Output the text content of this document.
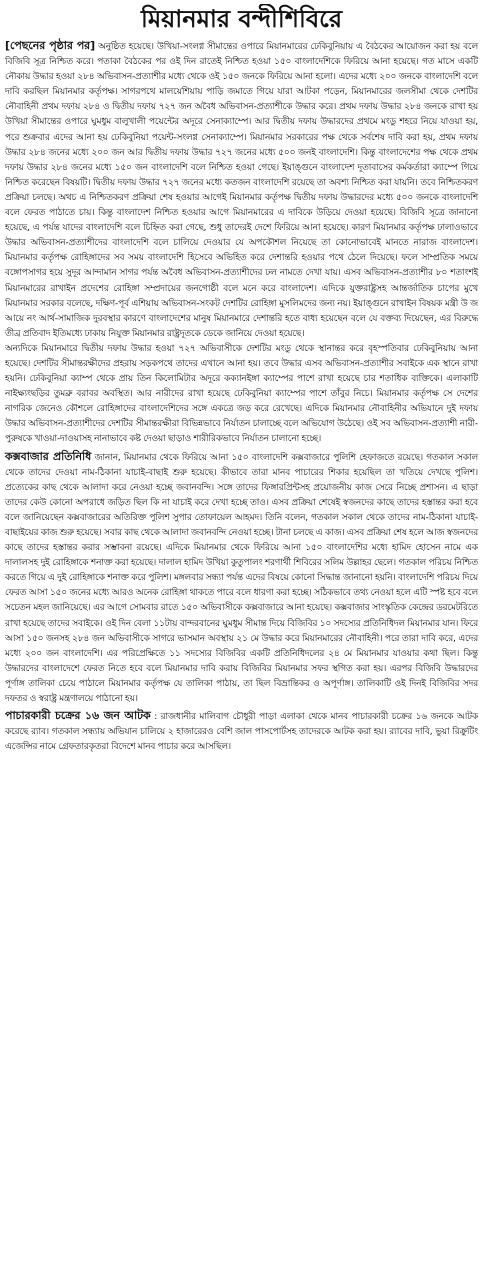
মিয়ানমার বন্দীশিবিরে

[পেছনের পৃষ্ঠার পর] অনুষ্ঠিত হয়েছে। উখিয়া-সংলগ্ন সীমান্তের ওপারে মিয়ানমারের ঢেকিবুনিয়ায় এ বৈঠকের আয়োজন করা হয় বলে বিজিবি সূত্র নিশ্চিত করে। পতাকা বৈঠকের পর ওই দিন রাতেই নিশ্চিত হওয়া ১৫০ বাংলাদেশিকে ফিরিয়ে আনা হয়েছে। গত মাসে একটি নৌকায় উদ্ধার হওয়া ২৮৪ অভিবাসন-প্রত্যাশীর মধ্যে থেকে ওই ১৫০ জনকে ফিরিয়ে আনা হলো। এদের মধ্যে ২০০ জনকে বাংলাদেশি বলে দাবি করছিল মিয়ানমার কর্তৃপক্ষ। সাগরপথে মালয়েশিয়ায় পাড়ি জমাতে গিয়ে যারা আটকা পড়েন, মিয়ানমারের জলসীমা থেকে দেশটির নৌবাহিনী প্রথম দফায় ২৮৪ ও দ্বিতীয় দফায় ৭২৭ জন অবৈধ অভিবাসন-প্রত্যাশীকে উদ্ধার করে। প্রথম দফায় উদ্ধার ২৮৪ জনকে রাখা হয় উখিয়া সীমান্তের ওপারে ঘুমধুম বালুখালী পয়েন্টের অদূরে সেনাক্যাম্পে। আর দ্বিতীয় দফায় উদ্ধারদের প্রথমে মংডু শহরে নিয়ে যাওয়া হয়, পরে শুক্রবার এদের আনা হয় ঢেকিবুনিয়া পয়েন্ট-সংলগ্ন সেনাক্যাম্পে। মিয়ানমার সরকারের পক্ষ থেকে সর্বশেষ দাবি করা হয়, প্রথম দফায় উদ্ধার ২৮৪ জনের মধ্যে ২০০ জন আর দ্বিতীয় দফায় উদ্ধার ৭২৭ জনের মধ্যে ৫০০ জনই বাংলাদেশি। কিন্তু বাংলাদেশের পক্ষ থেকে প্রথম দফায় উদ্ধার ২৮৪ জনের মধ্যে ১৫০ জন বাংলাদেশি বলে নিশ্চিত হওয়া গেছে। ইয়াঙ্গুনে বাংলাদেশ দূতাবাসের কর্মকর্তারা ক্যাম্পে গিয়ে নিশ্চিত করেছেন বিষয়টি। দ্বিতীয় দফায় উদ্ধার ৭২৭ জনের মধ্যে কতজন বাংলাদেশি রয়েছে তা অবশ্য নিশ্চিত করা যায়নি। তবে নিশ্চিতকরণ প্রক্রিয়া চলছে। অথচ এ নিশ্চিতকরণ প্রক্রিয়া শেষ হওয়ার আগেই মিয়ানমার কর্তৃপক্ষ দ্বিতীয় দফায় উদ্ধারদের মধ্যে ৫০০ জনকে বাংলাদেশি বলে ফেরত পাঠাতে চায়। কিন্তু বাংলাদেশ নিশ্চিত হওয়ার আগে মিয়ানমারের এ দাবিকে উড়িয়ে দেওয়া হয়েছে। বিজিবি সূত্রে জানানো হয়েছে, এ পর্যন্ত যাদের বাংলাদেশি বলে চিহ্নিত করা গেছে, শুধু তাদেরই দেশে ফিরিয়ে আনা হয়েছে। কারণ মিয়ানমার কর্তৃপক্ষ ঢালাওভাবে উদ্ধার অভিবাসন-প্রত্যাশীদের বাংলাদেশি বলে চালিয়ে দেওয়ার যে অপকৌশল নিয়েছে তা কোনোভাবেই মানতে নারাজ বাংলাদেশ। মিয়ানমার কর্তৃপক্ষ রোহিঙ্গাদের সব সময় বাংলাদেশি হিসেবে অভিহিত করে দেশান্তরি হওয়ার পথে ঠেলে দিয়েছে। ফলে সাম্প্রতিক সময়ে বঙ্গোপসাগর হয়ে সুদূর আন্দামান সাগর পর্যন্ত অবৈধ অভিবাসন-প্রত্যাশীদের ঢল নামতে দেখা যায়। এসব অভিবাসন-প্রত্যাশীর ৮০ শতাংশই মিয়ানমারের রাখাইন প্রদেশের রোহিঙ্গা সম্প্রদায়ের জনগোষ্ঠী বলে মনে করে বাংলাদেশ। এদিকে যুক্তরাষ্ট্রসহ আন্তর্জাতিক চাপের মুখে মিয়ানমার সরকার বলেছে, দক্ষিণ-পূর্ব এশিয়ায় অভিবাসন-সংকট দেশটির রোহিঙ্গা মুসলিমদের জন্য নয়। ইয়াঙ্গুনে রাখাইন বিষয়ক মন্ত্রী উ জ আয়ে নং আর্থ-সামাজিক দুরবস্থার কারণে বাংলাদেশের মানুষ মিয়ানমারে দেশান্তরি হতে বাধ্য হয়েছেন বলে যে বক্তব্য দিয়েছেন, এর বিরুদ্ধে তীব্র প্রতিবাদ ইতিমধ্যে ঢাকায় নিযুক্ত মিয়ানমার রাষ্ট্রদূতকে ডেকে জানিয়ে দেওয়া হয়েছে।

অন্যদিকে মিয়ানমারে দ্বিতীয় দফায় উদ্ধার হওয়া ৭২৭ অভিবাসীকে দেশটির মংডু থেকে স্থানান্তর করে বৃহস্পতিবার ঢেকিবুনিয়ায় আনা হয়েছে। দেশটির সীমান্তরক্ষীদের প্রহরায় সড়কপথে তাদের এখানে আনা হয়। তবে উদ্ধার এসব অভিবাসন-প্রত্যাশীর সবাইকে এক স্থানে রাখা হয়নি। ঢেকিবুনিয়া ক্যাম্প থেকে প্রায় তিন কিলোমিটার অদূরে কক্যানইঙ্গা ক্যাম্পের পাশে রাখা হয়েছে চার শতাধিক ব্যক্তিকে। এলাকাটি নাইক্ষ্যংছড়ির তুমব্রু বরাবর অবস্থিত। আর নারীদের রাখা হয়েছে ঢেকিবুনিয়া ক্যাম্পের পাশে তাঁবুর নিচে। মিয়ানমার কর্তৃপক্ষ সে দেশের নাগরিক জেনেও কৌশলে রোহিঙ্গাদের বাংলাদেশিদের সঙ্গে একত্রে জড় করে রেখেছে। এদিকে মিয়ানমার নৌবাহিনীর অভিযানে দুই দফায় উদ্ধার অভিবাসন-প্রত্যাশীদের দেশটির সীমান্তরক্ষীরা বিভিন্নভাবে নির্যাতন চালাচ্ছে বলে অভিযোগ উঠেছে। ওই সব অভিবাসন-প্রত্যাশী নারী-পুরুষকে খাওয়া-দাওয়াসহ নানাভাবে কষ্ট দেওয়া ছাড়াও শারীরিকভাবে নির্যাতন চালানো হচ্ছে।

কক্সবাজার প্রতিনিধি জানান, মিয়ানমার থেকে ফিরিয়ে আনা ১৫০ বাংলাদেশি কক্সবাজারে পুলিশি হেফাজতে রয়েছে। গতকাল সকাল থেকে তাদের দেওয়া নাম-ঠিকানা যাচাই-বাছাই শুরু হয়েছে। কীভাবে তারা মানব পাচারের শিকার হয়েছিল তা খতিয়ে দেখছে পুলিশ। প্রত্যেকের কাছ থেকে আলাদা করে নেওয়া হচ্ছে জবানবন্দি। সঙ্গে তাদের ফিঙ্গারপ্রিন্টসহ প্রয়োজনীয় কাজ সেরে নিচ্ছে প্রশাসন। এ ছাড়া তাদের কেউ কোনো অপরাধে জড়িত ছিল কি না যাচাই করে দেখা হচ্ছে তাও। এসব প্রক্রিয়া শেষেই স্বজনদের কাছে তাদের হস্তান্তর করা হবে বলে জানিয়েছেন কক্সবাজারের অতিরিক্ত পুলিশ সুপার তোফায়েল আহমদ। তিনি বলেন, গতকাল সকাল থেকে তাদের নাম-ঠিকানা যাচাই-বাছাইয়ের কাজ শুরু হয়েছে। সবার কাছ থেকে আলাদা জবানবন্দি নেওয়া হচ্ছে। টানা চলছে এ কাজ। এসব প্রক্রিয়া শেষ হলে আজ স্বজনদের কাছে তাদের হস্তান্তর করার সম্ভাবনা রয়েছে। এদিকে মিয়ানমার থেকে ফিরিয়ে আনা ১৫০ বাংলাদেশির মধ্যে হামিদ হোসেন নামে এক দালালসহ দুই রোহিঙ্গাকে শনাক্ত করা হয়েছে। দালাল হামিদ উখিয়া কুতুপালং শরণার্থী শিবিরের সলিম উল্লাহর ছেলে। গতকাল পরিচয় নিশ্চিত করতে গিয়ে এ দুই রোহিঙ্গাকে শনাক্ত করে পুলিশ। মঙ্গলবার সন্ধ্যা পর্যন্ত এদের বিষয়ে কোনো সিদ্ধান্ত জানানো হয়নি। বাংলাদেশি পরিচয় দিয়ে ফেরত আসা ১৫০ জনের মধ্যে আরও অনেক রোহিঙ্গা থাকতে পারে বলে ধারণা করা হচ্ছে। সঠিকভাবে তথ্য নেওয়া হলে এটি স্পষ্ট হবে বলে সচেতন মহল জানিয়েছে। এর আগে সোমবার রাতে ১৫০ অভিবাসীকে কক্সবাজারে আনা হয়েছে। কক্সবাজার সাংস্কৃতিক কেন্দ্রের ডরমেটরিতে রাখা হয়েছে তাদের সবাইকে। ওই দিন বেলা ১১টায় বান্দরবানের ঘুমধুম সীমান্ত দিয়ে বিজিবির ১০ সদস্যের প্রতিনিধিদল মিয়ানমার যান। ফিরে আসা ১৫০ জনসহ ২৮৪ জন অভিবাসীকে সাগরে ভাসমান অবস্থায় ২১ মে উদ্ধার করে মিয়ানমারের নৌবাহিনী। পরে তারা দাবি করে, এদের মধ্যে ২০০ জন বাংলাদেশি। এর পরিপ্রেক্ষিতে ১১ সদস্যের বিজিবির একটি প্রতিনিধিদলের ২৪ মে মিয়ানমার যাওয়ার কথা ছিল। কিন্তু উদ্ধারদের বাংলাদেশে ফেরত নিতে হবে বলে মিয়ানমার দাবি করায় বিজিবির মিয়ানমার সফর স্থগিত করা হয়। এরপর বিজিবি উদ্ধারদের পূর্ণাঙ্গ তালিকা চেয়ে পাঠালে মিয়ানমার কর্তৃপক্ষ যে তালিকা পাঠায়, তা ছিল বিভ্রান্তিকর ও অপূর্ণাঙ্গ। তালিকাটি ওই দিনই বিজিবির সদর দফতর ও স্বরাষ্ট্র মন্ত্রণালয়ে পাঠানো হয়।

পাচারকারী চক্রের ১৬ জন আটক : রাজধানীর মালিবাগ চৌধুরী পাড়া এলাকা থেকে মানব পাচারকারী চক্রের ১৬ জনকে আটক করেছে র‍্যাব। গতকাল সন্ধ্যায় অভিযান চালিয়ে ২ হাজারেরও বেশি জাল পাসপোর্টসহ তাদেরকে আটক করা হয়। র‍্যাবের দাবি, ভুয়া রিক্রুটিং এজেন্সির নামে গ্রেফতারকৃতরা বিদেশে মানব পাচার করে আসছিল।
